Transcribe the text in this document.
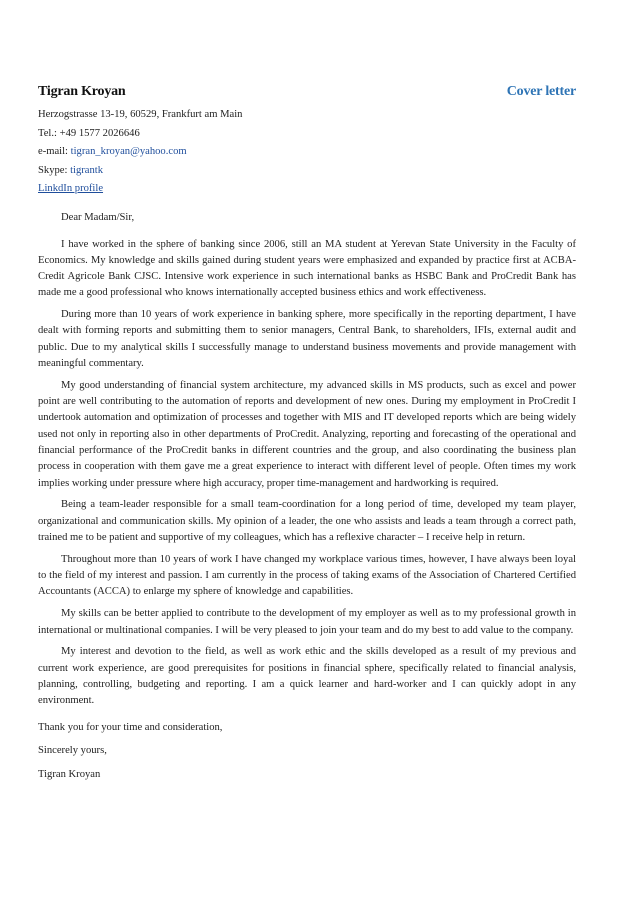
Tigran Kroyan	Cover letter
Herzogstrasse 13-19, 60529, Frankfurt am Main
Tel.: +49 1577 2026646
e-mail: tigran_kroyan@yahoo.com
Skype: tigrantk
LinkdIn profile
Dear Madam/Sir,

I have worked in the sphere of banking since 2006, still an MA student at Yerevan State University in the Faculty of Economics. My knowledge and skills gained during student years were emphasized and expanded by practice first at ACBA-Credit Agricole Bank CJSC. Intensive work experience in such international banks as HSBC Bank and ProCredit Bank has made me a good professional who knows internationally accepted business ethics and work effectiveness.

During more than 10 years of work experience in banking sphere, more specifically in the reporting department, I have dealt with forming reports and submitting them to senior managers, Central Bank, to shareholders, IFIs, external audit and public. Due to my analytical skills I successfully manage to understand business movements and provide management with meaningful commentary.

My good understanding of financial system architecture, my advanced skills in MS products, such as excel and power point are well contributing to the automation of reports and development of new ones. During my employment in ProCredit I undertook automation and optimization of processes and together with MIS and IT developed reports which are being widely used not only in reporting also in other departments of ProCredit. Analyzing, reporting and forecasting of the operational and financial performance of the ProCredit banks in different countries and the group, and also coordinating the business plan process in cooperation with them gave me a great experience to interact with different level of people. Often times my work implies working under pressure where high accuracy, proper time-management and hardworking is required.

Being a team-leader responsible for a small team-coordination for a long period of time, developed my team player, organizational and communication skills. My opinion of a leader, the one who assists and leads a team through a correct path, trained me to be patient and supportive of my colleagues, which has a reflexive character – I receive help in return.

Throughout more than 10 years of work I have changed my workplace various times, however, I have always been loyal to the field of my interest and passion. I am currently in the process of taking exams of the Association of Chartered Certified Accountants (ACCA) to enlarge my sphere of knowledge and capabilities.

My skills can be better applied to contribute to the development of my employer as well as to my professional growth in international or multinational companies. I will be very pleased to join your team and do my best to add value to the company.

My interest and devotion to the field, as well as work ethic and the skills developed as a result of my previous and current work experience, are good prerequisites for positions in financial sphere, specifically related to financial analysis, planning, controlling, budgeting and reporting. I am a quick learner and hard-worker and I can quickly adopt in any environment.

Thank you for your time and consideration,
Sincerely yours,
Tigran Kroyan
